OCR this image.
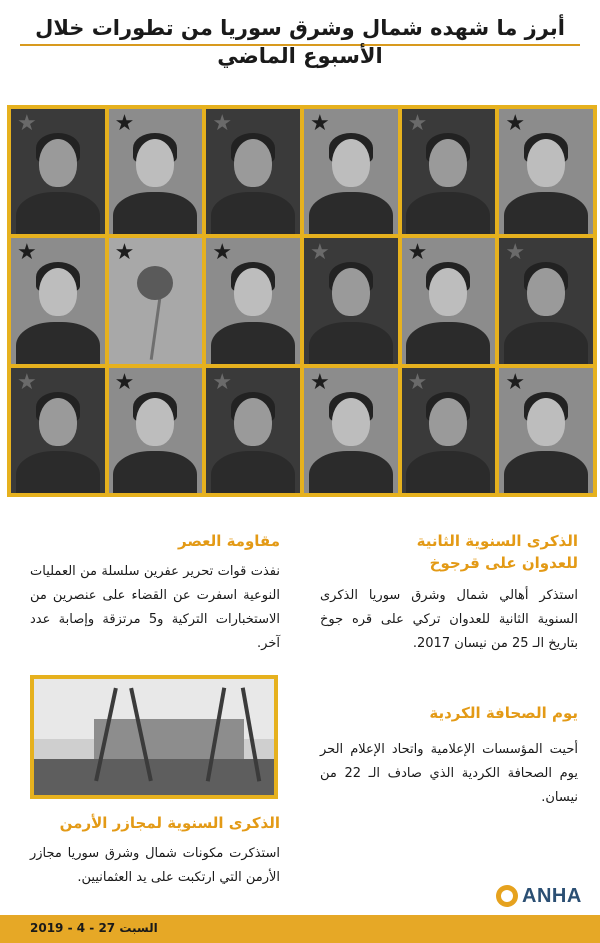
أبرز ما شهده شمال وشرق سوريا من تطورات خلال الأسبوع الماضي
★	★	★	★	★	★
★	★	★	★	★	★
★	★	★	★	★	★
الذكرى السنوية الثانية
للعدوان على قرجوخ
استذكر أهالي شمال وشرق سوريا الذكرى السنوية الثانية للعدوان تركي على قره جوخ بتاريخ الـ 25 من نيسان 2017.
يوم الصحافة الكردية
أحيت المؤسسات الإعلامية واتحاد الإعلام الحر يوم الصحافة الكردية الذي صادف الـ 22 من نيسان.
مقاومة العصر
نفذت قوات تحرير عفرين سلسلة من العمليات النوعية اسفرت عن القضاء على عنصرين من الاستخبارات التركية و5 مرتزقة وإصابة عدد آخر.
الذكرى السنوية لمجازر الأرمن
استذكرت مكونات شمال وشرق سوريا مجازر الأرمن التي ارتكبت على يد العثمانيين.
ANHA
السبت 27 - 4 - 2019
